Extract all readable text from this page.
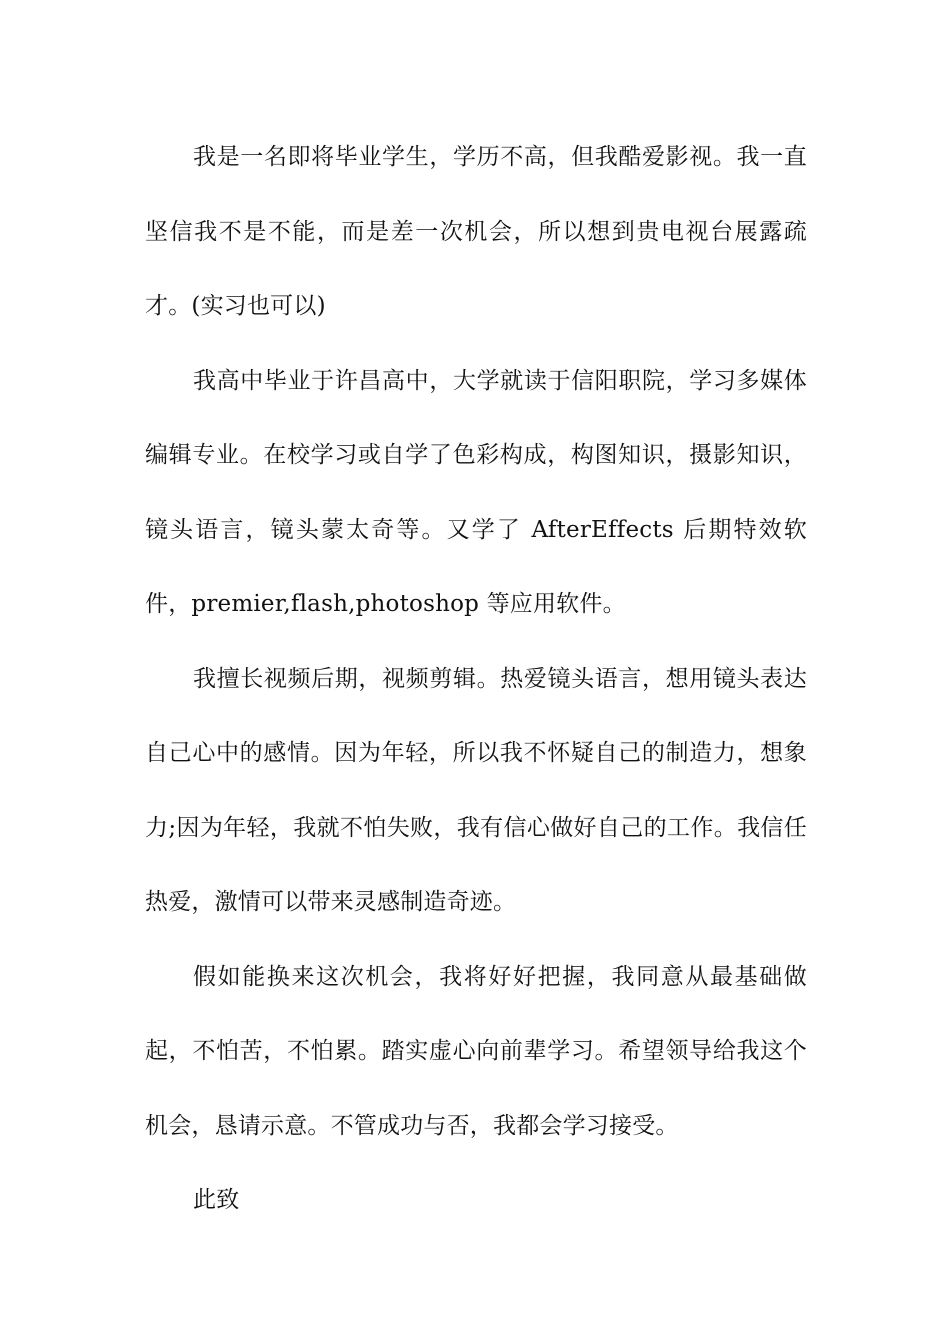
我是一名即将毕业学生，学历不高，但我酷爱影视。我一直坚信我不是不能，而是差一次机会，所以想到贵电视台展露疏才。(实习也可以)

我高中毕业于许昌高中，大学就读于信阳职院，学习多媒体编辑专业。在校学习或自学了色彩构成，构图知识，摄影知识，镜头语言，镜头蒙太奇等。又学了 AfterEffects 后期特效软件，premier,flash,photoshop 等应用软件。

我擅长视频后期，视频剪辑。热爱镜头语言，想用镜头表达自己心中的感情。因为年轻，所以我不怀疑自己的制造力，想象力;因为年轻，我就不怕失败，我有信心做好自己的工作。我信任热爱，激情可以带来灵感制造奇迹。

假如能换来这次机会，我将好好把握，我同意从最基础做起，不怕苦，不怕累。踏实虚心向前辈学习。希望领导给我这个机会，恳请示意。不管成功与否，我都会学习接受。

此致
